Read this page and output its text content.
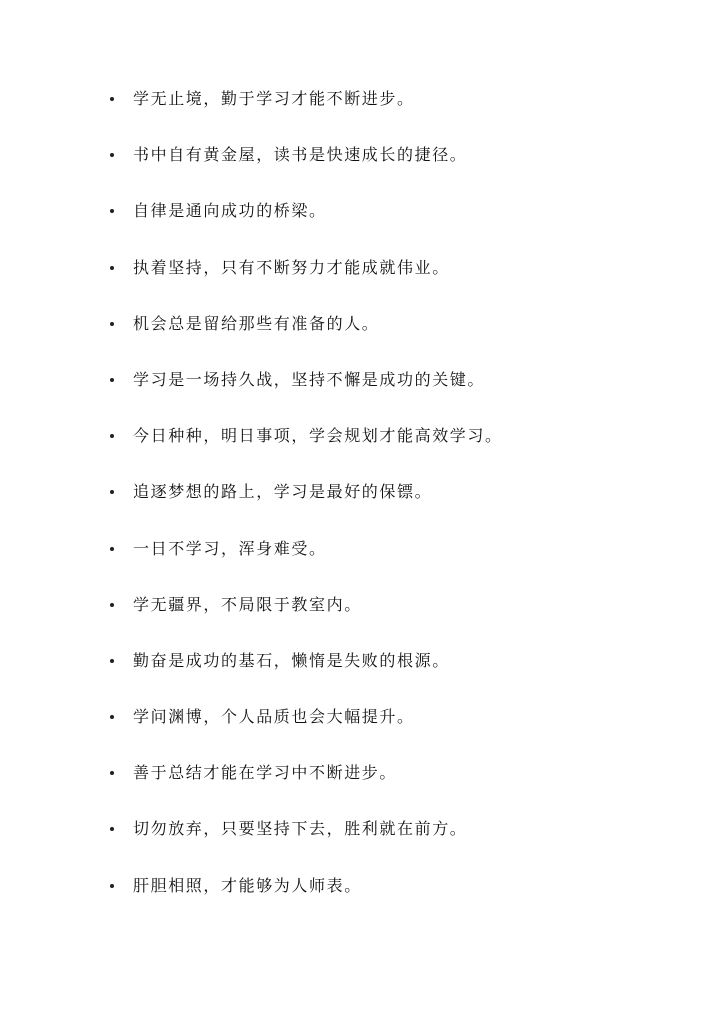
学无止境，勤于学习才能不断进步。
书中自有黄金屋，读书是快速成长的捷径。
自律是通向成功的桥梁。
执着坚持，只有不断努力才能成就伟业。
机会总是留给那些有准备的人。
学习是一场持久战，坚持不懈是成功的关键。
今日种种，明日事项，学会规划才能高效学习。
追逐梦想的路上，学习是最好的保镖。
一日不学习，浑身难受。
学无疆界，不局限于教室内。
勤奋是成功的基石，懒惰是失败的根源。
学问渊博，个人品质也会大幅提升。
善于总结才能在学习中不断进步。
切勿放弃，只要坚持下去，胜利就在前方。
肝胆相照，才能够为人师表。
